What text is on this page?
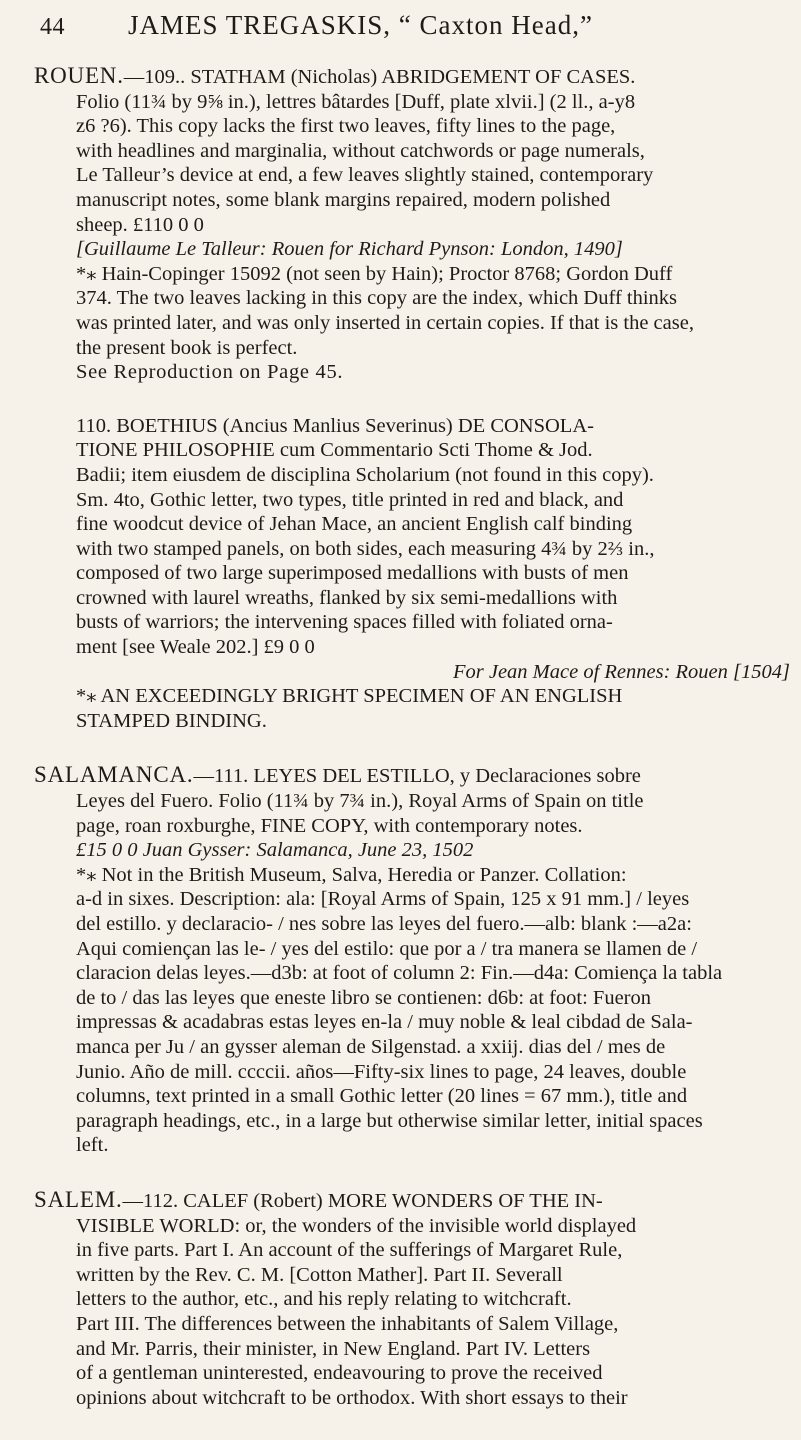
44 JAMES TREGASKIS, “ Caxton Head,”

ROUEN.—109.. STATHAM (Nicholas) ABRIDGEMENT OF CASES.

Folio (11¾ by 9⅝ in.), lettres bâtardes [Duff, plate xlvii.] (2 ll., a-y8

z6 ?6). This copy lacks the first two leaves, fifty lines to the page,

with headlines and marginalia, without catchwords or page numerals,

Le Talleur’s device at end, a few leaves slightly stained, contemporary

manuscript notes, some blank margins repaired, modern polished

sheep. £110 0 0

[Guillaume Le Talleur: Rouen for Richard Pynson: London, 1490]

*⁎ Hain-Copinger 15092 (not seen by Hain); Proctor 8768; Gordon Duff

374. The two leaves lacking in this copy are the index, which Duff thinks

was printed later, and was only inserted in certain copies. If that is the case,

the present book is perfect.

See Reproduction on Page 45.

110. BOETHIUS (Ancius Manlius Severinus) DE CONSOLA-

TIONE PHILOSOPHIE cum Commentario Scti Thome & Jod.

Badii; item eiusdem de disciplina Scholarium (not found in this copy).

Sm. 4to, Gothic letter, two types, title printed in red and black, and

fine woodcut device of Jehan Mace, an ancient English calf binding

with two stamped panels, on both sides, each measuring 4¾ by 2⅔ in.,

composed of two large superimposed medallions with busts of men

crowned with laurel wreaths, flanked by six semi-medallions with

busts of warriors; the intervening spaces filled with foliated orna-

ment [see Weale 202.] £9 0 0

For Jean Mace of Rennes: Rouen [1504]

*⁎ AN EXCEEDINGLY BRIGHT SPECIMEN OF AN ENGLISH

STAMPED BINDING.

SALAMANCA.—111. LEYES DEL ESTILLO, y Declaraciones sobre

Leyes del Fuero. Folio (11¾ by 7¾ in.), Royal Arms of Spain on title

page, roan roxburghe, FINE COPY, with contemporary notes.

£15 0 0 Juan Gysser: Salamanca, June 23, 1502

*⁎ Not in the British Museum, Salva, Heredia or Panzer. Collation:

a-d in sixes. Description: ala: [Royal Arms of Spain, 125 x 91 mm.] / leyes

del estillo. y declaracio- / nes sobre las leyes del fuero.—alb: blank :—a2a:

Aqui comiençan las le- / yes del estilo: que por a / tra manera se llamen de /

claracion delas leyes.—d3b: at foot of column 2: Fin.—d4a: Comiença la tabla

de to / das las leyes que eneste libro se contienen: d6b: at foot: Fueron

impressas & acadabras estas leyes en-la / muy noble & leal cibdad de Sala-

manca per Ju / an gysser aleman de Silgenstad. a xxiij. dias del / mes de

Junio. Año de mill. ccccii. años—Fifty-six lines to page, 24 leaves, double

columns, text printed in a small Gothic letter (20 lines = 67 mm.), title and

paragraph headings, etc., in a large but otherwise similar letter, initial spaces

left.

SALEM.—112. CALEF (Robert) MORE WONDERS OF THE IN-

VISIBLE WORLD: or, the wonders of the invisible world displayed

in five parts. Part I. An account of the sufferings of Margaret Rule,

written by the Rev. C. M. [Cotton Mather]. Part II. Severall

letters to the author, etc., and his reply relating to witchcraft.

Part III. The differences between the inhabitants of Salem Village,

and Mr. Parris, their minister, in New England. Part IV. Letters

of a gentleman uninterested, endeavouring to prove the received

opinions about witchcraft to be orthodox. With short essays to their
